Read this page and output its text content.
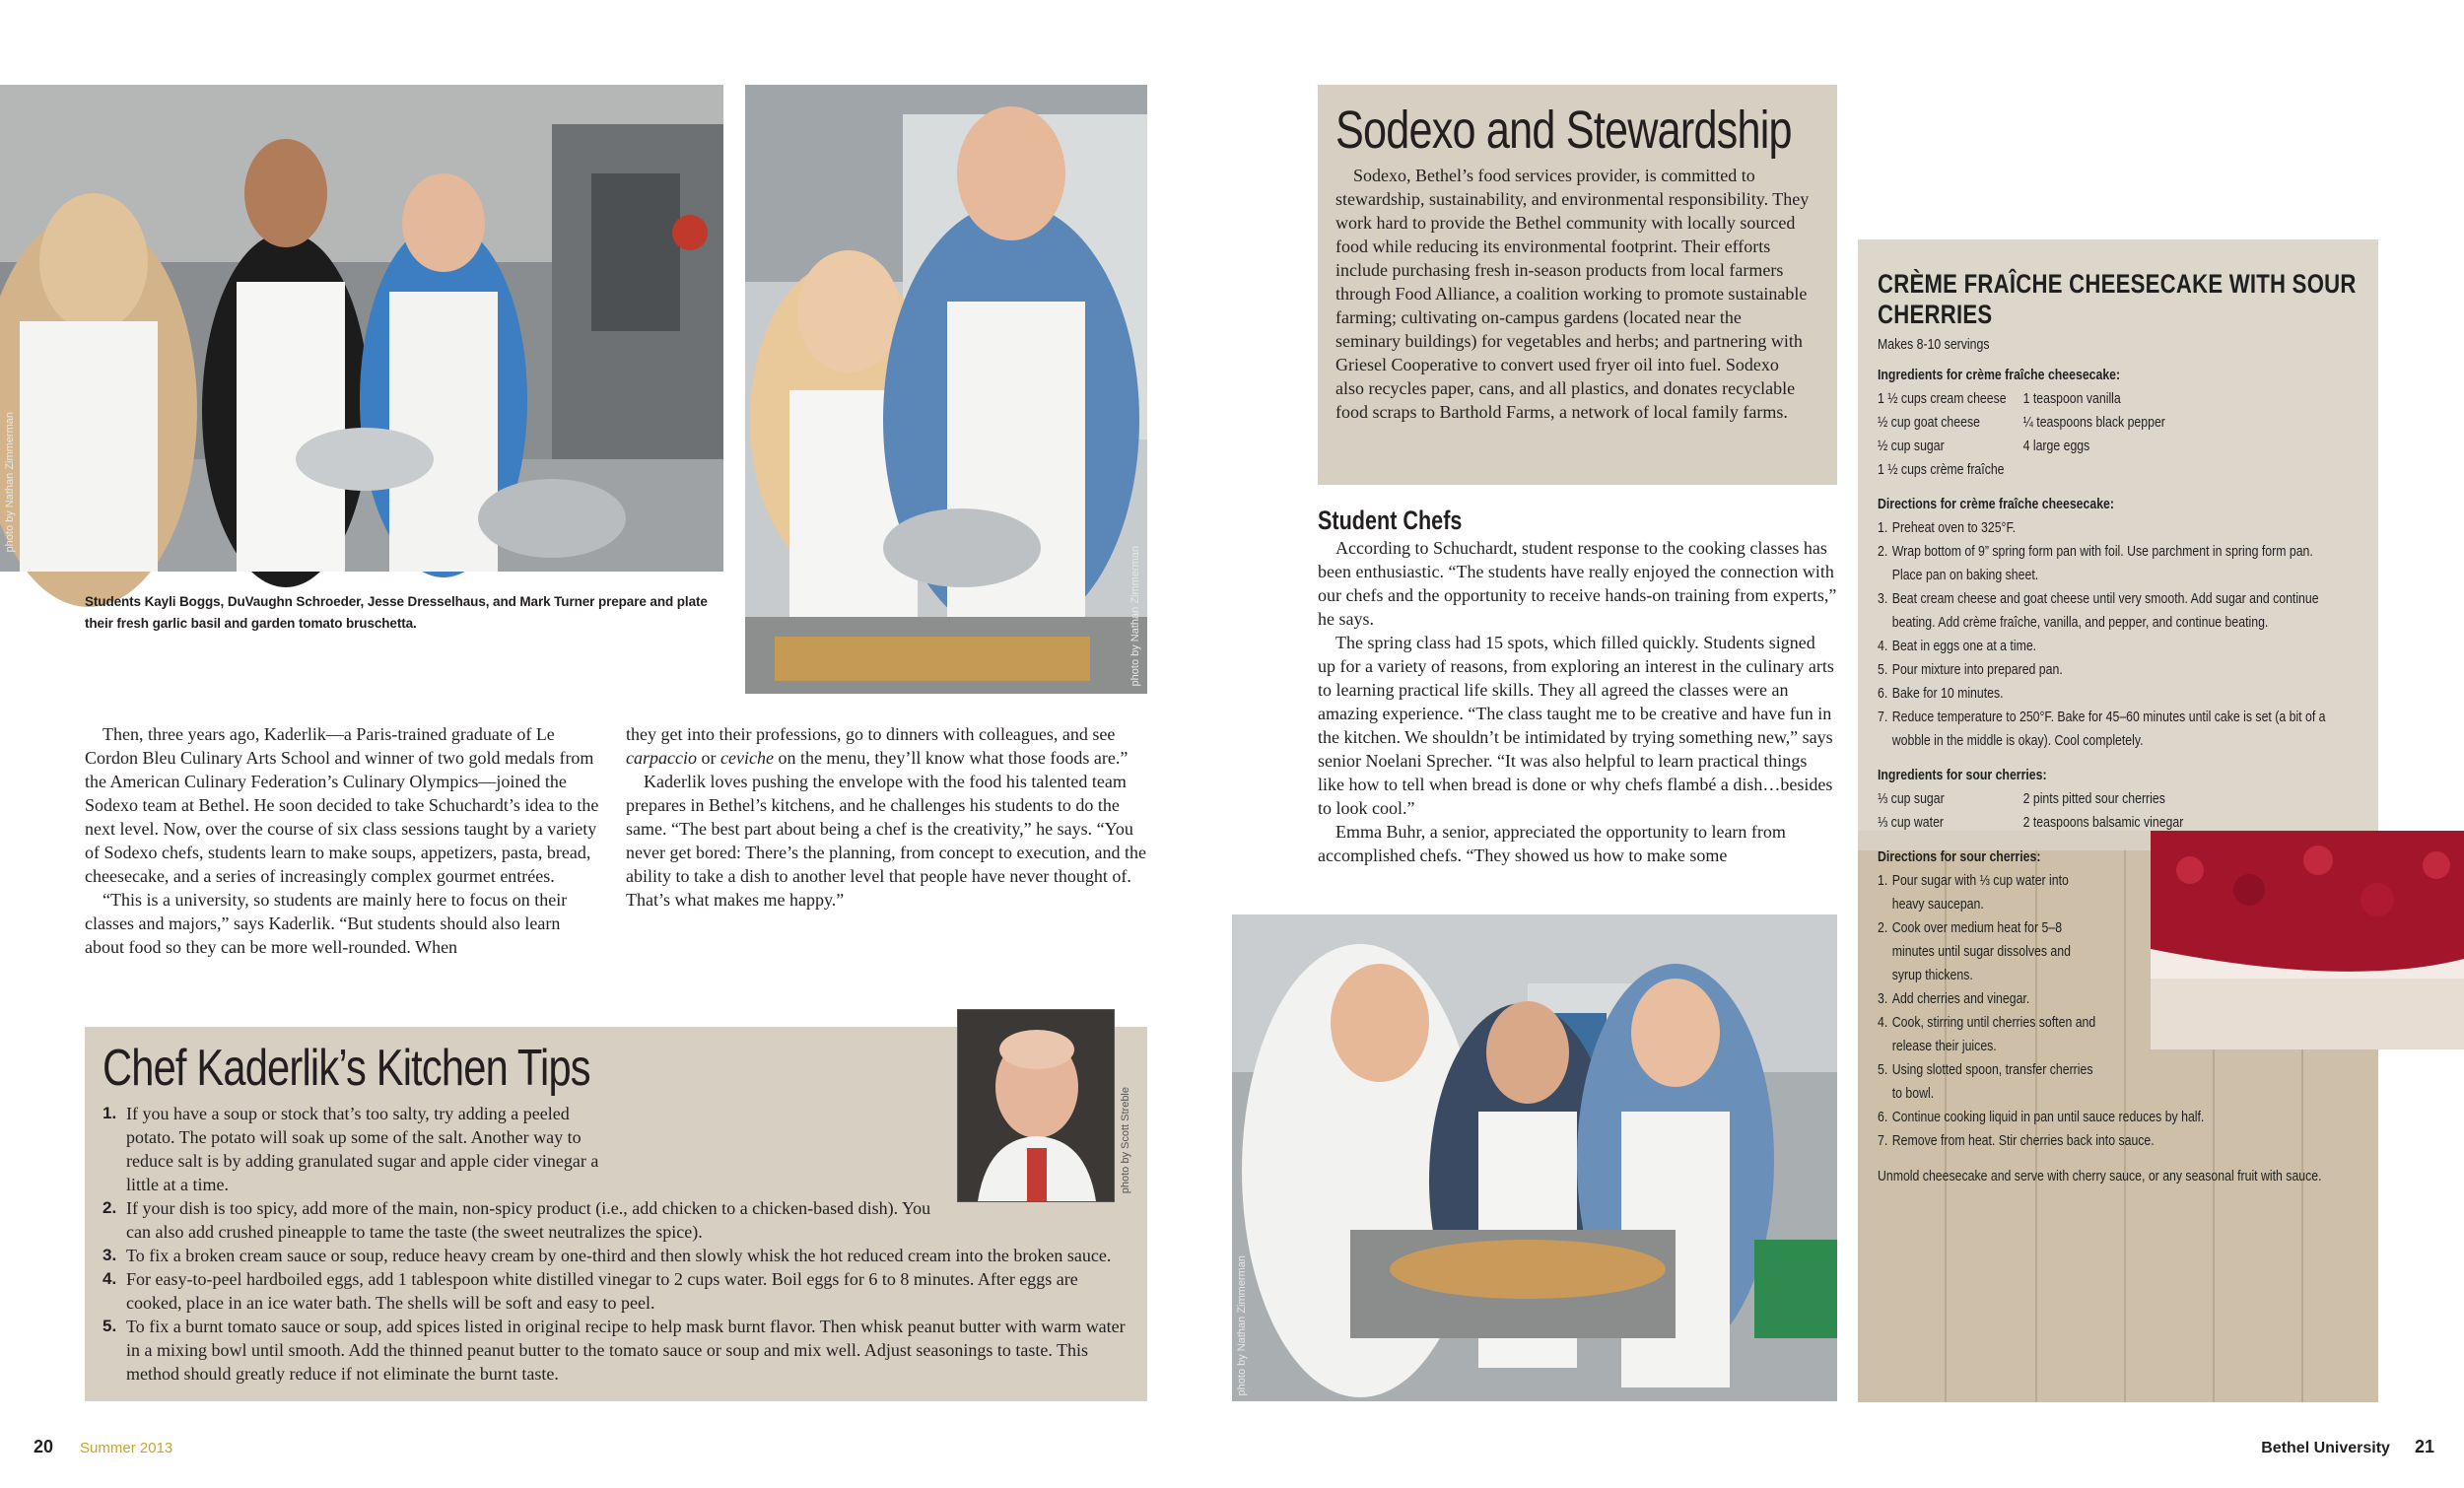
photo by Nathan Zimmerman
photo by Nathan Zimmerman
Students Kayli Boggs, DuVaughn Schroeder, Jesse Dresselhaus, and Mark Turner prepare and plate their fresh garlic basil and garden tomato bruschetta.

Then, three years ago, Kaderlik—a Paris-trained graduate of Le Cordon Bleu Culinary Arts School and winner of two gold medals from the American Culinary Federation’s Culinary Olympics—joined the Sodexo team at Bethel. He soon decided to take Schuchardt’s idea to the next level. Now, over the course of six class sessions taught by a variety of Sodexo chefs, students learn to make soups, appetizers, pasta, bread, cheesecake, and a series of increasingly complex gourmet entrées.

“This is a university, so students are mainly here to focus on their classes and majors,” says Kaderlik. “But students should also learn about food so they can be more well-rounded. When

they get into their professions, go to dinners with colleagues, and see carpaccio or ceviche on the menu, they’ll know what those foods are.”

Kaderlik loves pushing the envelope with the food his talented team prepares in Bethel’s kitchens, and he challenges his students to do the same. “The best part about being a chef is the creativity,” he says. “You never get bored: There’s the planning, from concept to execution, and the ability to take a dish to another level that people have never thought of. That’s what makes me happy.”

Chef Kaderlik’s Kitchen Tips
1. If you have a soup or stock that’s too salty, try adding a peeled potato. The potato will soak up some of the salt. Another way to reduce salt is by adding granulated sugar and apple cider vinegar a little at a time.
2. If your dish is too spicy, add more of the main, non-spicy product (i.e., add chicken to a chicken-based dish). You can also add crushed pineapple to tame the taste (the sweet neutralizes the spice).
3. To fix a broken cream sauce or soup, reduce heavy cream by one-third and then slowly whisk the hot reduced cream into the broken sauce.
4. For easy-to-peel hardboiled eggs, add 1 tablespoon white distilled vinegar to 2 cups water. Boil eggs for 6 to 8 minutes. After eggs are cooked, place in an ice water bath. The shells will be soft and easy to peel.
5. To fix a burnt tomato sauce or soup, add spices listed in original recipe to help mask burnt flavor. Then whisk peanut butter with warm water in a mixing bowl until smooth. Add the thinned peanut butter to the tomato sauce or soup and mix well. Adjust seasonings to taste. This method should greatly reduce if not eliminate the burnt taste.
photo by Scott Streble
20 Summer 2013
Sodexo and Stewardship
Sodexo, Bethel’s food services provider, is committed to stewardship, sustainability, and environmental responsibility. They work hard to provide the Bethel community with locally sourced food while reducing its environmental footprint. Their efforts include purchasing fresh in-season products from local farmers through Food Alliance, a coalition working to promote sustainable farming; cultivating on-campus gardens (located near the seminary buildings) for vegetables and herbs; and partnering with Griesel Cooperative to convert used fryer oil into fuel. Sodexo also recycles paper, cans, and all plastics, and donates recyclable food scraps to Barthold Farms, a network of local family farms.
Student Chefs

According to Schuchardt, student response to the cooking classes has been enthusiastic. “The students have really enjoyed the connection with our chefs and the opportunity to receive hands-on training from experts,” he says.

The spring class had 15 spots, which filled quickly. Students signed up for a variety of reasons, from exploring an interest in the culinary arts to learning practical life skills. They all agreed the classes were an amazing experience. “The class taught me to be creative and have fun in the kitchen. We shouldn’t be intimidated by trying something new,” says senior Noelani Sprecher. “It was also helpful to learn practical things like how to tell when bread is done or why chefs flambé a dish…besides to look cool.”

Emma Buhr, a senior, appreciated the opportunity to learn from accomplished chefs. “They showed us how to make some

photo by Nathan Zimmerman
CRÈME FRAÎCHE CHEESECAKE WITH SOUR CHERRIES
Makes 8-10 servings
Ingredients for crème fraîche cheesecake:
1 ½ cups cream cheese	1 teaspoon vanilla
½ cup goat cheese	¼ teaspoons black pepper
½ cup sugar	4 large eggs
1 ½ cups crème fraîche
Directions for crème fraîche cheesecake:
1. Preheat oven to 325°F.
2. Wrap bottom of 9” spring form pan with foil. Use parchment in spring form pan. Place pan on baking sheet.
3. Beat cream cheese and goat cheese until very smooth. Add sugar and continue beating. Add crème fraîche, vanilla, and pepper, and continue beating.
4. Beat in eggs one at a time.
5. Pour mixture into prepared pan.
6. Bake for 10 minutes.
7. Reduce temperature to 250°F. Bake for 45–60 minutes until cake is set (a bit of a wobble in the middle is okay). Cool completely.
Ingredients for sour cherries:
⅓ cup sugar	2 pints pitted sour cherries
⅓ cup water	2 teaspoons balsamic vinegar
Directions for sour cherries:
1. Pour sugar with ⅓ cup water into heavy saucepan.
2. Cook over medium heat for 5–8 minutes until sugar dissolves and syrup thickens.
3. Add cherries and vinegar.
4. Cook, stirring until cherries soften and release their juices.
5. Using slotted spoon, transfer cherries to bowl.
6. Continue cooking liquid in pan until sauce reduces by half.
7. Remove from heat. Stir cherries back into sauce.
Unmold cheesecake and serve with cherry sauce, or any seasonal fruit with sauce.
Bethel University 21
